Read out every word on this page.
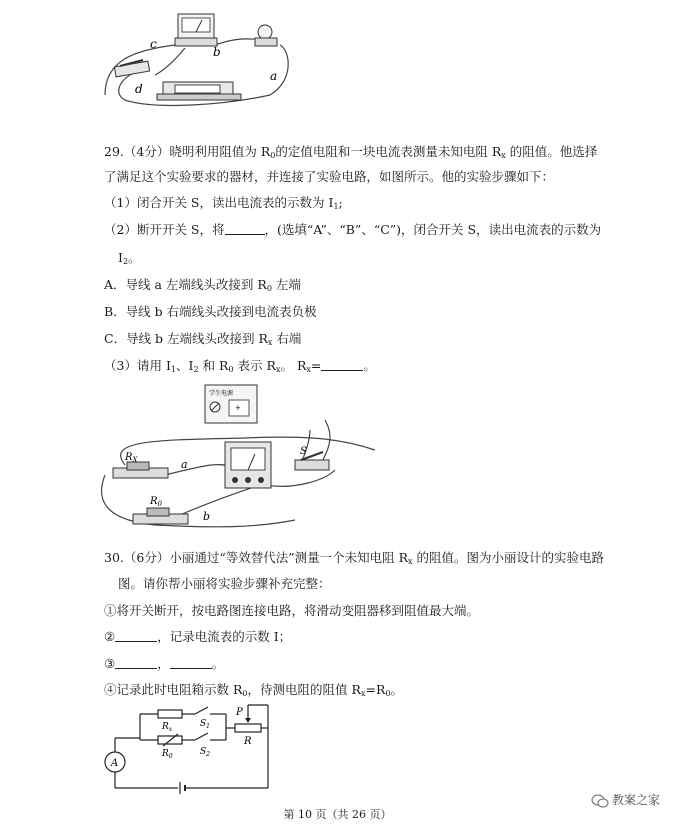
c
b
d
a
29.（4分）晓明利用阻值为 $R_0$的定值电阻和一块电流表测量未知电阻 $R_x$ 的阻值。他选择
了满足这个实验要求的器材，并连接了实验电路，如图所示。他的实验步骤如下：
（1）闭合开关 S，读出电流表的示数为 $I_1$;
（2）断开开关 S，将	，(选填“A”、“B”、“C”)，闭合开关 S，读出电流表的示数为
$I_2$。
A．导线 a 左端线头改接到 $R_0$ 左端
B．导线 b 右端线头改接到电流表负极
C．导线 b 左端线头改接到 $R_x$ 右端
（3）请用 $I_1$、$I_2$ 和 $R_0$ 表示 $R_x$。 $R_x=$	。
学生电源
+
$R_X$
$R_0$
S
a
b
30.（6分）小丽通过“等效替代法”测量一个未知电阻 $R_x$ 的阻值。图为小丽设计的实验电路
图。请你帮小丽将实验步骤补充完整：
①将开关断开，按电路图连接电路，将滑动变阻器移到阻值最大端。
②	，记录电流表的示数 I；
③	，	。
④记录此时电阻箱示数 $R_0$，待测电阻的阻值 $R_x=R_0$。
A
$R_x$
$R_0$
$S_1$
$S_2$
P
R
教案之家
第 10 页（共 26 页）
